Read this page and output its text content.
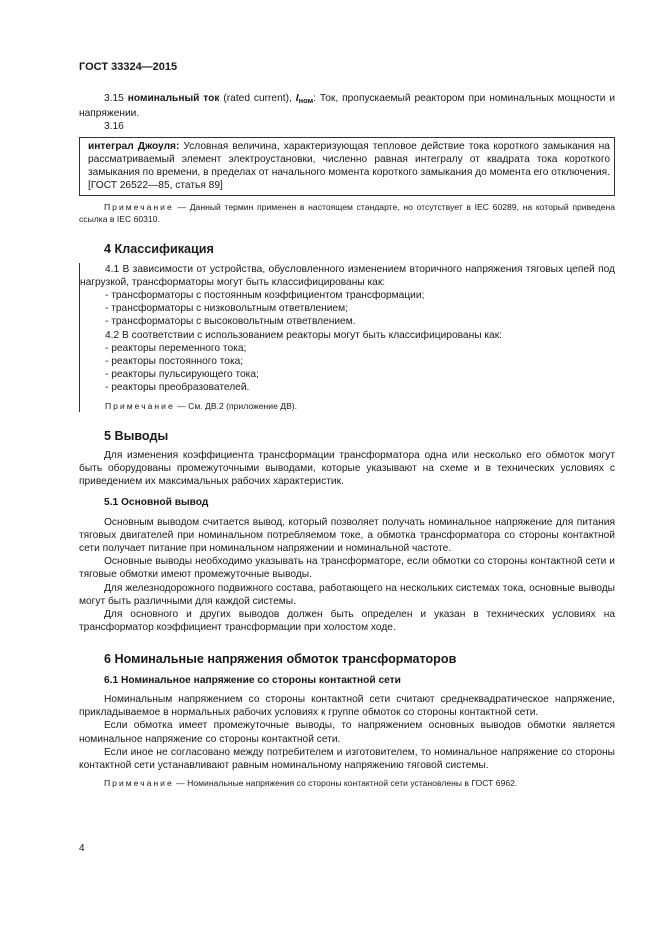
ГОСТ 33324—2015

3.15 номинальный ток (rated current), $I_{ном}$: Ток, пропускаемый реактором при номинальных мощности и напряжении.

3.16

интеграл Джоуля: Условная величина, характеризующая тепловое действие тока короткого замыкания на рассматриваемый элемент электроустановки, численно равная интегралу от квадрата тока короткого замыкания по времени, в пределах от начального момента короткого замыкания до момента его отключения.

[ГОСТ 26522—85, статья 89]

Примечание — Данный термин применен в настоящем стандарте, но отсутствует в IEC 60289, на который приведена ссылка в IEC 60310.

4 Классификация

4.1 В зависимости от устройства, обусловленного изменением вторичного напряжения тяговых цепей под нагрузкой, трансформаторы могут быть классифицированы как:

- трансформаторы с постоянным коэффициентом трансформации;

- трансформаторы с низковольтным ответвлением;

- трансформаторы с высоковольтным ответвлением.

4.2 В соответствии с использованием реакторы могут быть классифицированы как:

- реакторы переменного тока;

- реакторы постоянного тока;

- реакторы пульсирующего тока;

- реакторы преобразователей.

Примечание — См. ДВ.2 (приложение ДВ).

5 Выводы

Для изменения коэффициента трансформации трансформатора одна или несколько его обмоток могут быть оборудованы промежуточными выводами, которые указывают на схеме и в технических условиях с приведением их максимальных рабочих характеристик.

5.1 Основной вывод

Основным выводом считается вывод, который позволяет получать номинальное напряжение для питания тяговых двигателей при номинальном потребляемом токе, а обмотка трансформатора со стороны контактной сети получает питание при номинальном напряжении и номинальной частоте.

Основные выводы необходимо указывать на трансформаторе, если обмотки со стороны контактной сети и тяговые обмотки имеют промежуточные выводы.

Для железнодорожного подвижного состава, работающего на нескольких системах тока, основные выводы могут быть различными для каждой системы.

Для основного и других выводов должен быть определен и указан в технических условиях на трансформатор коэффициент трансформации при холостом ходе.

6 Номинальные напряжения обмоток трансформаторов
6.1 Номинальное напряжение со стороны контактной сети

Номинальным напряжением со стороны контактной сети считают среднеквадратическое напряжение, прикладываемое в нормальных рабочих условиях к группе обмоток со стороны контактной сети.

Если обмотка имеет промежуточные выводы, то напряжением основных выводов обмотки является номинальное напряжение со стороны контактной сети.

Если иное не согласовано между потребителем и изготовителем, то номинальное напряжение со стороны контактной сети устанавливают равным номинальному напряжению тяговой системы.

Примечание — Номинальные напряжения со стороны контактной сети установлены в ГОСТ 6962.

4
